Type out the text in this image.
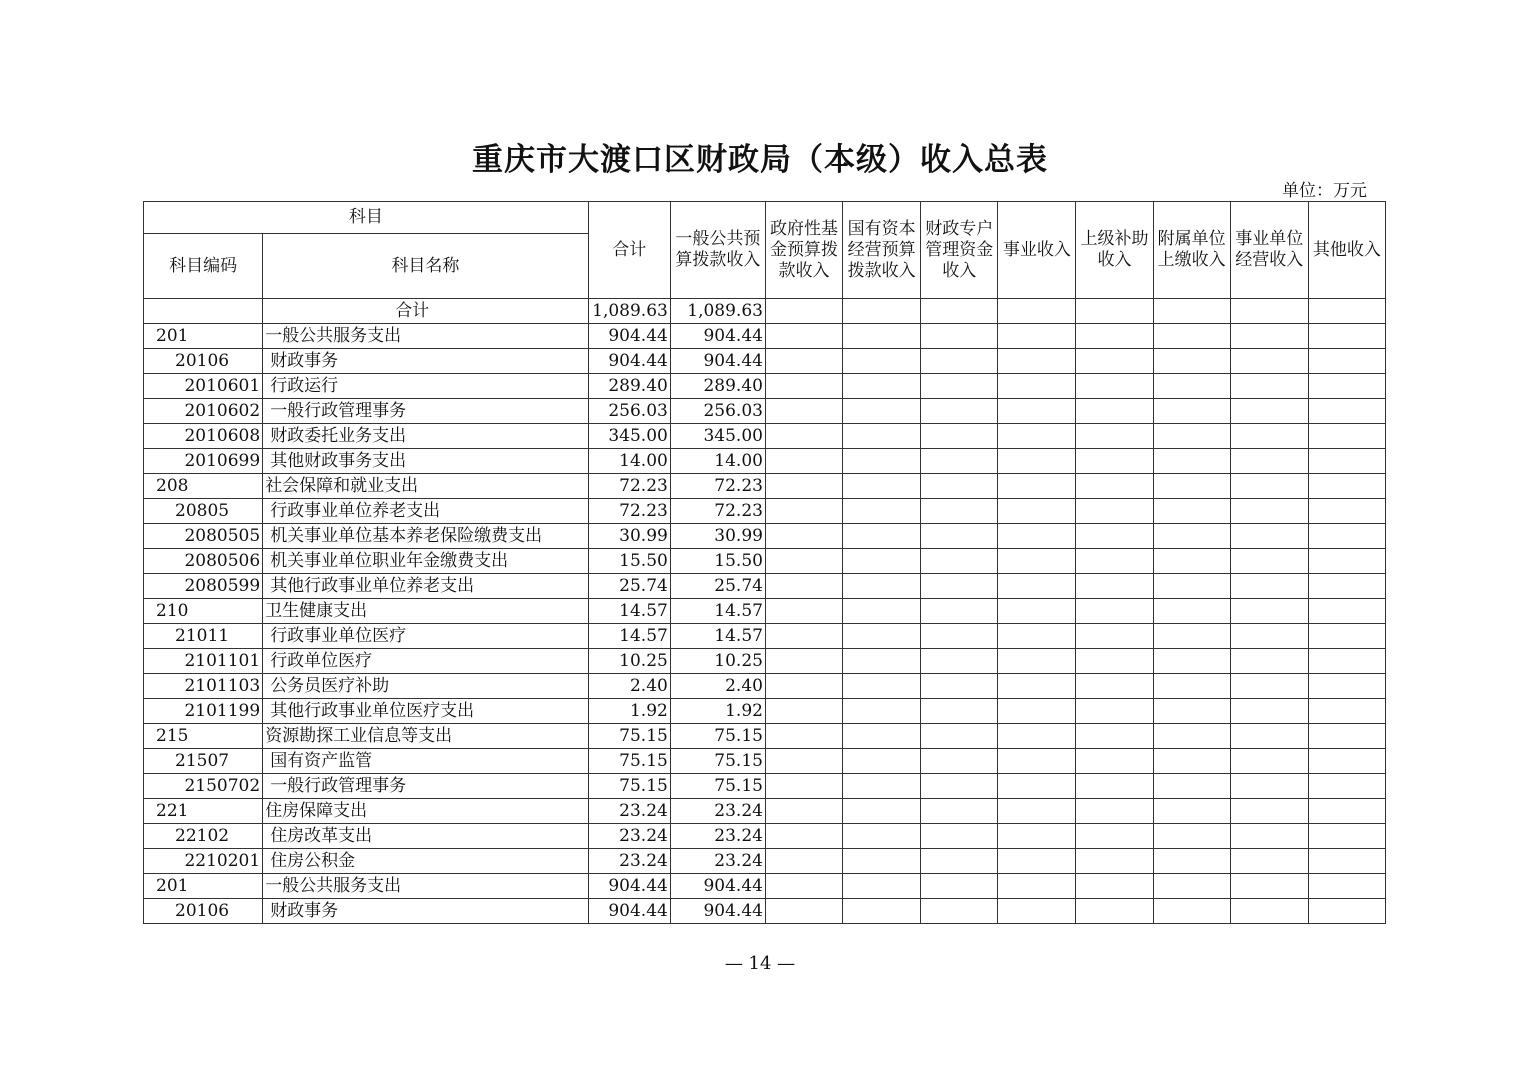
重庆市大渡口区财政局（本级）收入总表
单位：万元
科目		合计	一般公共预算拨款收入	政府性基金预算拨款收入	国有资本 经营预算 拨款收入	财政专户管理资金收入	事业收入	上级补助收入	附属单位上缴收入	事业单位经营收入	其他收入
科目编码	科目名称										
	合计	1,089.63	1,089.63								
201	一般公共服务支出	904.44	904.44								
20106	财政事务	904.44	904.44								
2010601	行政运行	289.40	289.40								
2010602	一般行政管理事务	256.03	256.03								
2010608	财政委托业务支出	345.00	345.00								
2010699	其他财政事务支出	14.00	14.00								
208	社会保障和就业支出	72.23	72.23								
20805	行政事业单位养老支出	72.23	72.23								
2080505	机关事业单位基本养老保险缴费支出	30.99	30.99								
2080506	机关事业单位职业年金缴费支出	15.50	15.50								
2080599	其他行政事业单位养老支出	25.74	25.74								
210	卫生健康支出	14.57	14.57								
21011	行政事业单位医疗	14.57	14.57								
2101101	行政单位医疗	10.25	10.25								
2101103	公务员医疗补助	2.40	2.40								
2101199	其他行政事业单位医疗支出	1.92	1.92								
215	资源勘探工业信息等支出	75.15	75.15								
21507	国有资产监管	75.15	75.15								
2150702	一般行政管理事务	75.15	75.15								
221	住房保障支出	23.24	23.24								
22102	住房改革支出	23.24	23.24								
2210201	住房公积金	23.24	23.24								
201	一般公共服务支出	904.44	904.44								
20106	财政事务	904.44	904.44								
— 14 —
